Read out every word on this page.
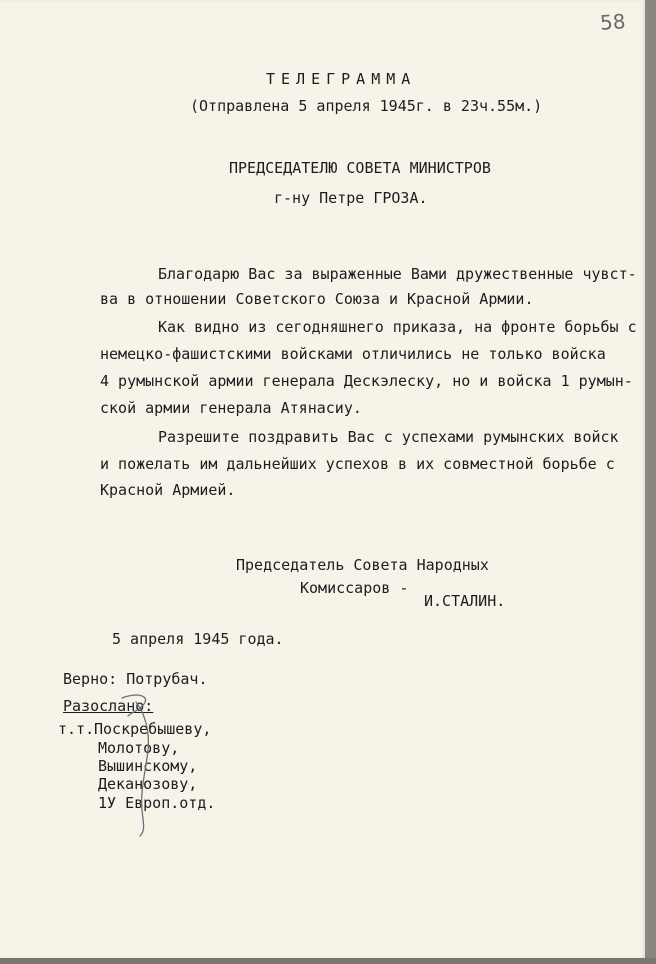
58
ТЕЛЕГРАММА
(Отправлена 5 апреля 1945г. в 23ч.55м.)
ПРЕДСЕДАТЕЛЮ СОВЕТА МИНИСТРОВ
г-ну Петре ГРОЗА.
Благодарю Вас за выраженные Вами дружественные чувст-
ва в отношении Советского Союза и Красной Армии.
Как видно из сегодняшнего приказа, на фронте борьбы с
немецко-фашистскими войсками отличились не только войска
4 румынской армии генерала Дескэлеску, но и войска 1 румын-
ской армии генерала Атянасиу.
Разрешите поздравить Вас с успехами румынских войск
и пожелать им дальнейших успехов в их совместной борьбе с
Красной Армией.
Председатель Совета Народных
Комиссаров -
И.СТАЛИН.
5 апреля 1945 года.
Верно: Потрубач.
Разослано:
т.т. Поскребышеву,
Молотову,
Вышинскому,
Деканозову,
1У Европ.отд.
